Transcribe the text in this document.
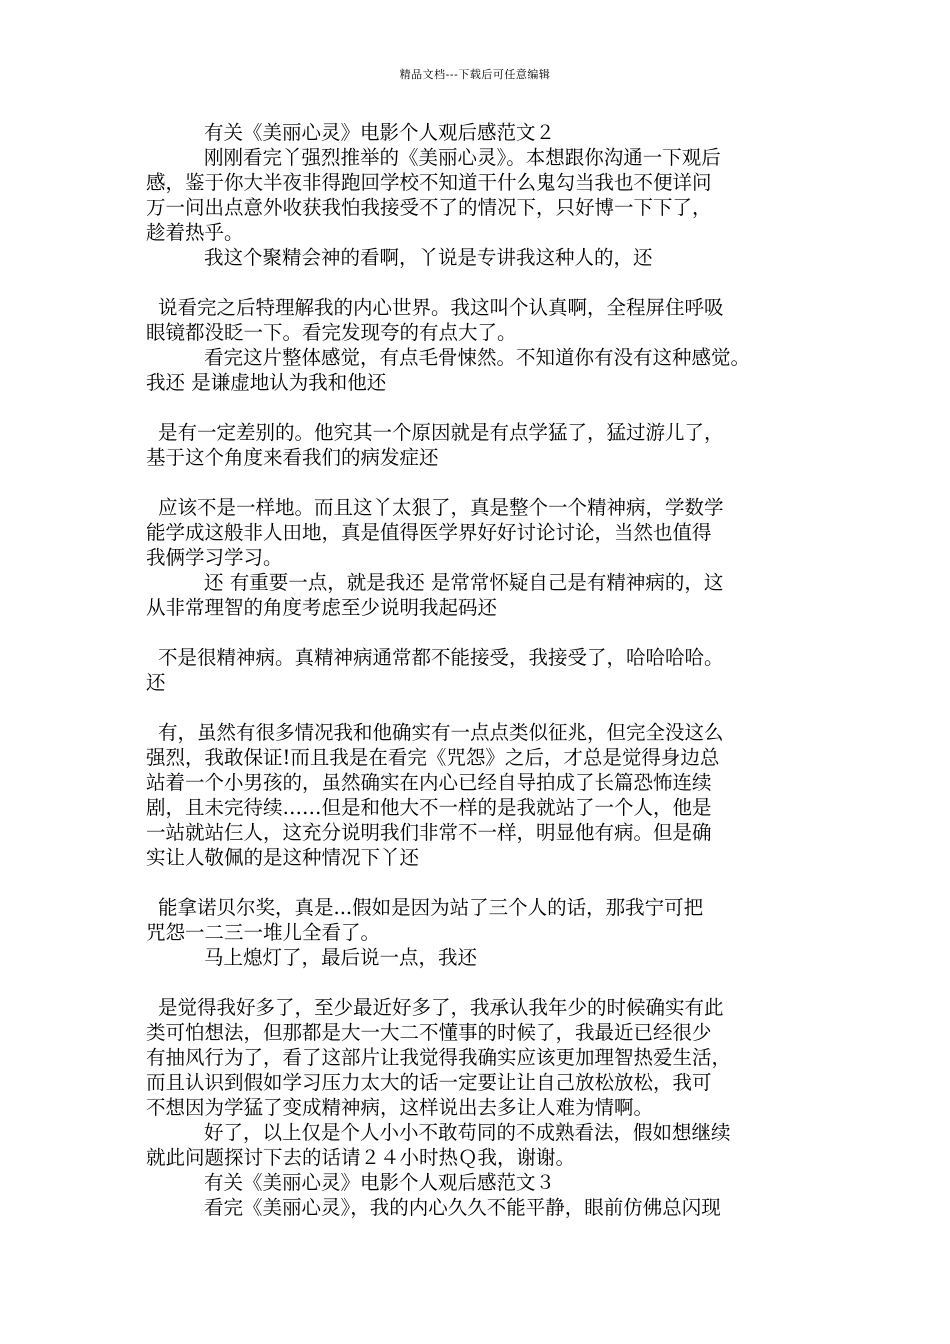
精品文档---下载后可任意编辑
有关《美丽心灵》电影个人观后感范文２
刚刚看完丫强烈推举的《美丽心灵》。本想跟你沟通一下观后
感，鉴于你大半夜非得跑回学校不知道干什么鬼勾当我也不便详问
万一问出点意外收获我怕我接受不了的情况下，只好博一下下了，
趁着热乎。
我这个聚精会神的看啊，丫说是专讲我这种人的，还
说看完之后特理解我的内心世界。我这叫个认真啊，全程屏住呼吸
眼镜都没眨一下。看完发现夸的有点大了。
看完这片整体感觉，有点毛骨悚然。不知道你有没有这种感觉。
我还 是谦虚地认为我和他还
是有一定差别的。他究其一个原因就是有点学猛了，猛过游儿了，
基于这个角度来看我们的病发症还
应该不是一样地。而且这丫太狠了，真是整个一个精神病，学数学
能学成这般非人田地，真是值得医学界好好讨论讨论，当然也值得
我俩学习学习。
还 有重要一点，就是我还 是常常怀疑自己是有精神病的，这
从非常理智的角度考虑至少说明我起码还
不是很精神病。真精神病通常都不能接受，我接受了，哈哈哈哈。
还
有，虽然有很多情况我和他确实有一点点类似征兆，但完全没这么
强烈，我敢保证!而且我是在看完《咒怨》之后，才总是觉得身边总
站着一个小男孩的，虽然确实在内心已经自导拍成了长篇恐怖连续
剧，且未完待续……但是和他大不一样的是我就站了一个人，他是
一站就站仨人，这充分说明我们非常不一样，明显他有病。但是确
实让人敬佩的是这种情况下丫还
能拿诺贝尔奖，真是...假如是因为站了三个人的话，那我宁可把
咒怨一二三一堆儿全看了。
马上熄灯了，最后说一点，我还
是觉得我好多了，至少最近好多了，我承认我年少的时候确实有此
类可怕想法，但那都是大一大二不懂事的时候了，我最近已经很少
有抽风行为了，看了这部片让我觉得我确实应该更加理智热爱生活，
而且认识到假如学习压力太大的话一定要让让自己放松放松，我可
不想因为学猛了变成精神病，这样说出去多让人难为情啊。
好了，以上仅是个人小小不敢苟同的不成熟看法，假如想继续
就此问题探讨下去的话请２４小时热Ｑ我，谢谢。
有关《美丽心灵》电影个人观后感范文３
看完《美丽心灵》，我的内心久久不能平静，眼前仿佛总闪现
